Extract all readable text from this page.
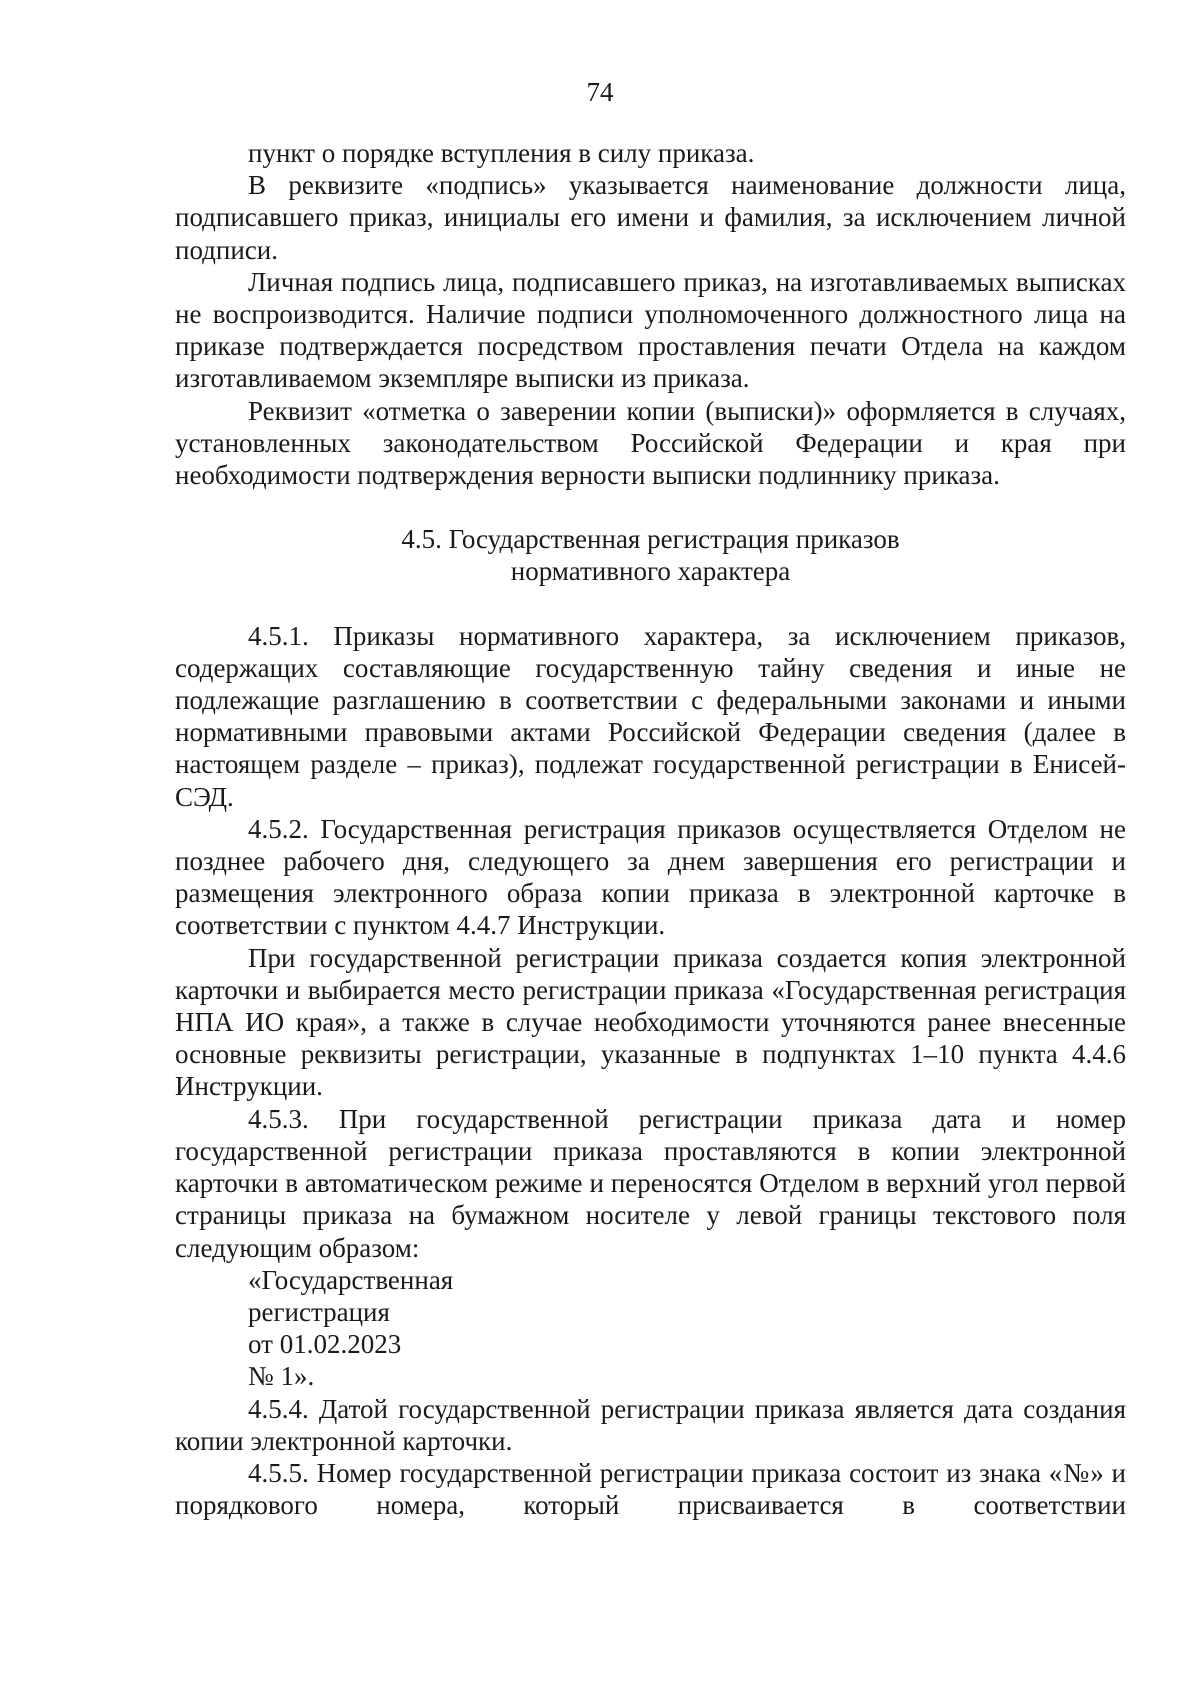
74

пункт о порядке вступления в силу приказа.

В реквизите «подпись» указывается наименование должности лица, подписавшего приказ, инициалы его имени и фамилия, за исключением личной подписи.

Личная подпись лица, подписавшего приказ, на изготавливаемых выписках не воспроизводится. Наличие подписи уполномоченного должностного лица на приказе подтверждается посредством проставления печати Отдела на каждом изготавливаемом экземпляре выписки из приказа.

Реквизит «отметка о заверении копии (выписки)» оформляется в случаях, установленных законодательством Российской Федерации и края при необходимости подтверждения верности выписки подлиннику приказа.

4.5. Государственная регистрация приказов
нормативного характера

4.5.1. Приказы нормативного характера, за исключением приказов, содержащих составляющие государственную тайну сведения и иные не подлежащие разглашению в соответствии с федеральными законами и иными нормативными правовыми актами Российской Федерации сведения (далее в настоящем разделе – приказ), подлежат государственной регистрации в Енисей-СЭД.

4.5.2. Государственная регистрация приказов осуществляется Отделом не позднее рабочего дня, следующего за днем завершения его регистрации и размещения электронного образа копии приказа в электронной карточке в соответствии с пунктом 4.4.7 Инструкции.

При государственной регистрации приказа создается копия электронной карточки и выбирается место регистрации приказа «Государственная регистрация НПА ИО края», а также в случае необходимости уточняются ранее внесенные основные реквизиты регистрации, указанные в подпунктах 1–10 пункта 4.4.6 Инструкции.

4.5.3. При государственной регистрации приказа дата и номер государственной регистрации приказа проставляются в копии электронной карточки в автоматическом режиме и переносятся Отделом в верхний угол первой страницы приказа на бумажном носителе у левой границы текстового поля следующим образом:

«Государственная
регистрация
от 01.02.2023
№ 1».

4.5.4. Датой государственной регистрации приказа является дата создания копии электронной карточки.

4.5.5. Номер государственной регистрации приказа состоит из знака «№» и порядкового номера, который присваивается в соответствии
